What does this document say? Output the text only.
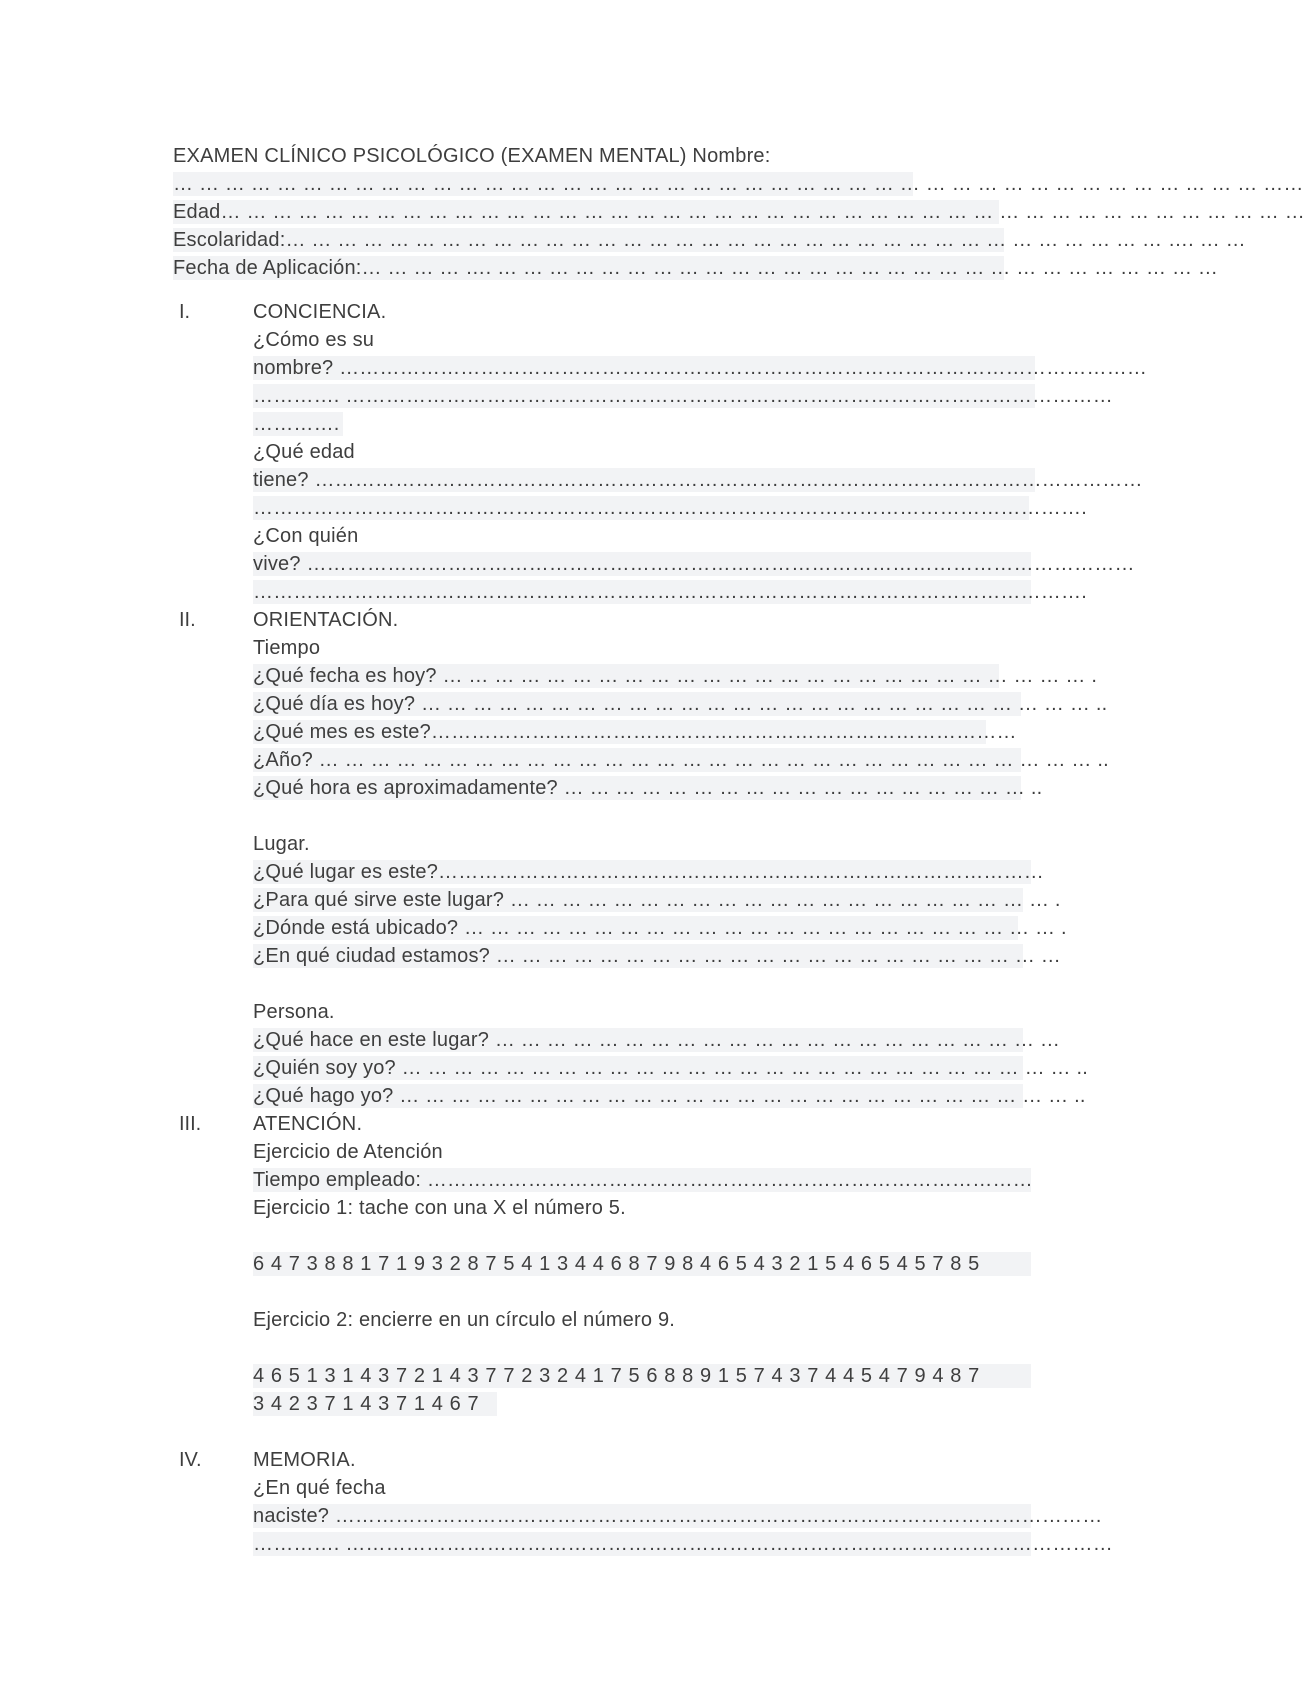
EXAMEN CLÍNICO PSICOLÓGICO (EXAMEN MENTAL) Nombre:
… … … … … … … … … … … … … … … … … … … … … … … … … … … … … … … … … … … … … … … … … … ……
Edad… … … … … … … … … … … … … … … … … … … … … … … … … … … … … … … … … … … … … … … … … …
Escolaridad:… … … … … … … … … … … … … … … … … … … … … … … … … … … … … … … … … … …. … …
Fecha de Aplicación:… … … … …. … … … … … … … … … … … … … … … … … … … … … … … … … … … …
I.	CONCIENCIA.
¿Cómo es su
nombre? …………………………………………………………………………………………………………
…………. ……………………………………………………………………………………………………
………….
¿Qué edad
tiene? ……………………………………………………………………………………………………………
…………………………………………………………………………………………………………….
¿Con quién
vive? ……………………………………………………………………………………………………………
…………………………………………………………………………………………………………….
II.	ORIENTACIÓN.
Tiempo
¿Qué fecha es hoy? … … … … … … … … … … … … … … … … … … … … … … … … … .
¿Qué día es hoy? … … … … … … … … … … … … … … … … … … … … … … … … … … ..
¿Qué mes es este?……………………………………………………………………………
¿Año? … … … … … … … … … … … … … … … … … … … … … … … … … … … … … … ..
¿Qué hora es aproximadamente? … … … … … … … … … … … … … … … … … … ..
Lugar.
¿Qué lugar es este?………………………………………………………………………………
¿Para qué sirve este lugar? … … … … … … … … … … … … … … … … … … … … … .
¿Dónde está ubicado? … … … … … … … … … … … … … … … … … … … … … … … .
¿En qué ciudad estamos? … … … … … … … … … … … … … … … … … … … … … …
Persona.
¿Qué hace en este lugar? … … … … … … … … … … … … … … … … … … … … … …
¿Quién soy yo? … … … … … … … … … … … … … … … … … … … … … … … … … … ..
¿Qué hago yo? … … … … … … … … … … … … … … … … … … … … … … … … … … ..
III.	ATENCIÓN.
Ejercicio de Atención
Tiempo empleado: ………………………………………………………………………………
Ejercicio 1: tache con una X el número 5.
6 4 7 3 8 8 1 7 1 9 3 2 8 7 5 4 1 3 4 4 6 8 7 9 8 4 6 5 4 3 2 1 5 4 6 5 4 5 7 8 5
Ejercicio 2: encierre en un círculo el número 9.
4 6 5 1 3 1 4 3 7 2 1 4 3 7 7 2 3 2 4 1 7 5 6 8 8 9 1 5 7 4 3 7 4 4 5 4 7 9 4 8 7
3 4 2 3 7 1 4 3 7 1 4 6 7
IV.	MEMORIA.
¿En qué fecha
naciste? ……………………………………………………………………………………………………
…………. ……………………………………………………………………………………………………
